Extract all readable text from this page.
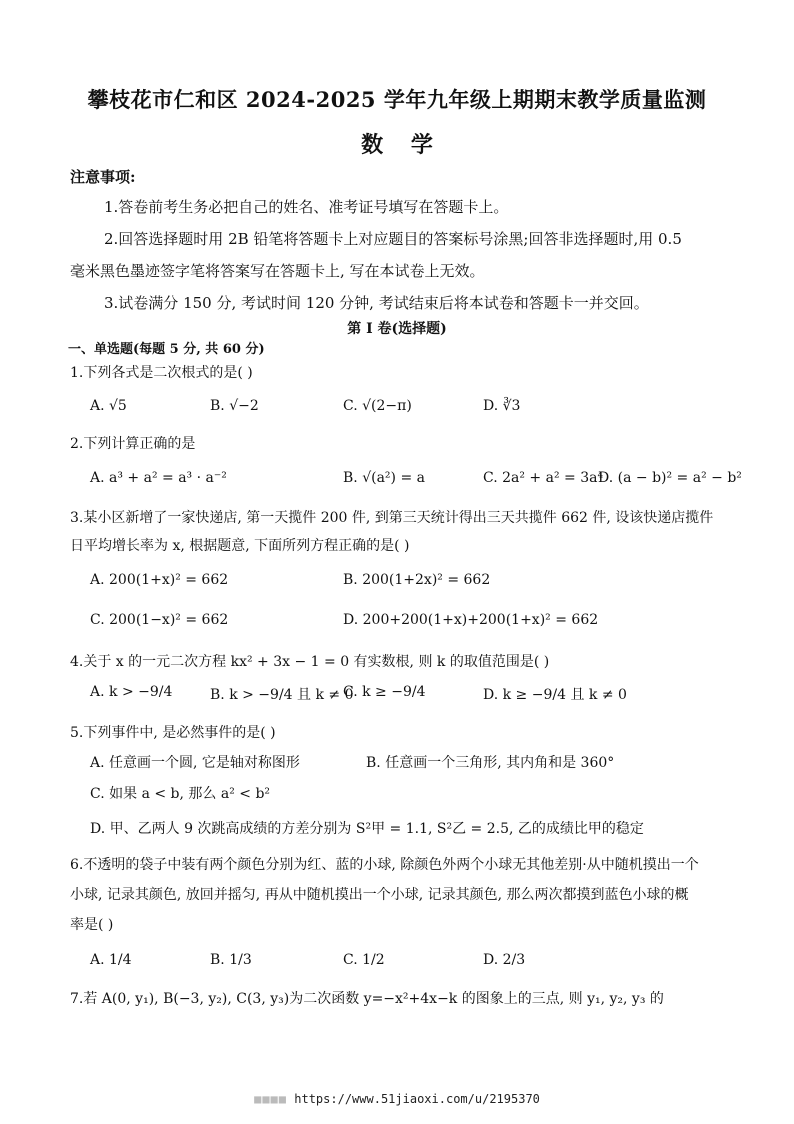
攀枝花市仁和区 2024-2025 学年九年级上期期末教学质量监测
数 学
注意事项:
1.答卷前考生务必把自己的姓名、准考证号填写在答题卡上。
2.回答选择题时用 2B 铅笔将答题卡上对应题目的答案标号涂黑;回答非选择题时,用 0.5
毫米黑色墨迹签字笔将答案写在答题卡上, 写在本试卷上无效。
3.试卷满分 150 分, 考试时间 120 分钟, 考试结束后将本试卷和答题卡一并交回。
第 I 卷(选择题)
一、单选题(每题 5 分, 共 60 分)
1.下列各式是二次根式的是( )
A. √5	B. √−2	C. √(2−π)	D. ∛3
2.下列计算正确的是
A. a³ + a² = a³ · a⁻²	B. √(a²) = a	C. 2a² + a² = 3a⁴
D. (a − b)² = a² − b²
3.某小区新增了一家快递店, 第一天揽件 200 件, 到第三天统计得出三天共揽件 662 件, 设该快递店揽件
日平均增长率为 x, 根据题意, 下面所列方程正确的是( )
A. 200(1+x)² = 662	B. 200(1+2x)² = 662
C. 200(1−x)² = 662	D. 200+200(1+x)+200(1+x)² = 662
4.关于 x 的一元二次方程 kx² + 3x − 1 = 0 有实数根, 则 k 的取值范围是( )
A. k > −9/4	B. k > −9/4 且 k ≠ 0
C. k ≥ −9/4	D. k ≥ −9/4 且 k ≠ 0
5.下列事件中, 是必然事件的是( )
A. 任意画一个圆, 它是轴对称图形	B. 任意画一个三角形, 其内角和是 360°
C. 如果 a < b, 那么 a² < b²
D. 甲、乙两人 9 次跳高成绩的方差分别为 S²甲 = 1.1, S²乙 = 2.5, 乙的成绩比甲的稳定
6.不透明的袋子中装有两个颜色分别为红、蓝的小球, 除颜色外两个小球无其他差别·从中随机摸出一个
小球, 记录其颜色, 放回并摇匀, 再从中随机摸出一个小球, 记录其颜色, 那么两次都摸到蓝色小球的概
率是( )
A. 1/4	B. 1/3	C. 1/2	D. 2/3
7.若 A(0, y₁), B(−3, y₂), C(3, y₃)为二次函数 y=−x²+4x−k 的图象上的三点, 则 y₁, y₂, y₃ 的
■■■■ https://www.51jiaoxi.com/u/2195370
